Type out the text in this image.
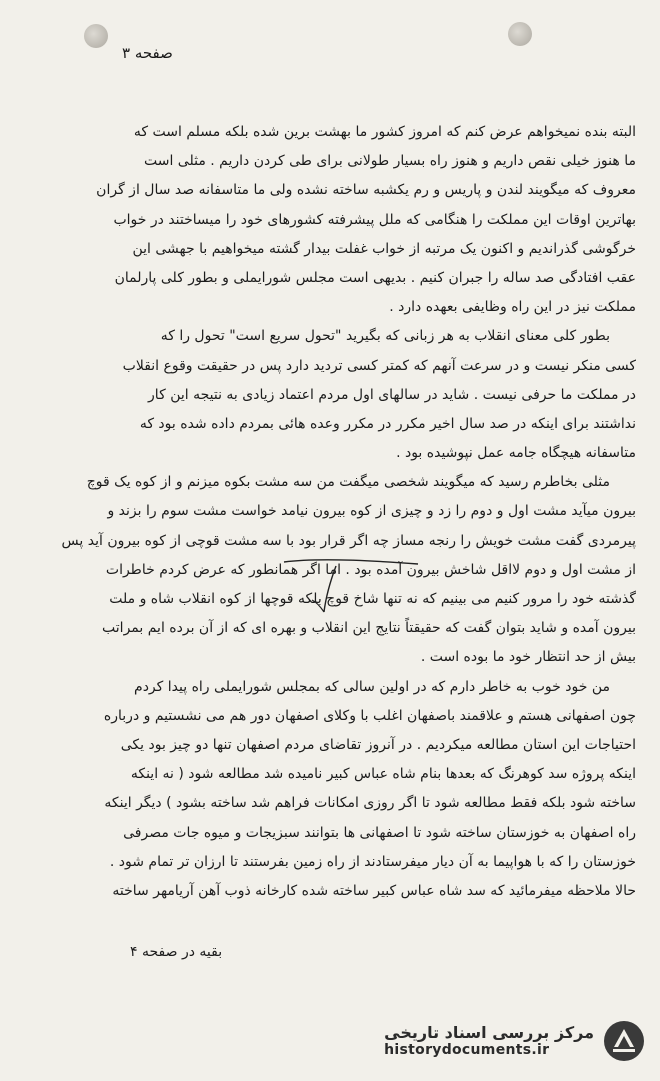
صفحه ۳
البته بنده نمیخواهم عرض کنم که امروز کشور ما بهشت برین شده بلکه مسلم است که
ما هنوز خیلی نقص داریم و هنوز راه بسیار طولانی برای طی کردن داریم . مثلی است
معروف که میگویند لندن و پاریس و رم یکشبه ساخته نشده ولی ما متاسفانه صد سال از گران
بهاترین اوقات این مملکت را هنگامی که ملل پیشرفته کشورهای خود را میساختند در خواب
خرگوشی گذراندیم و اکنون یک مرتبه از خواب غفلت بیدار گشته میخواهیم با جهشی این
عقب افتادگی صد ساله را جبران کنیم . بدیهی است مجلس شورایملی و بطور کلی پارلمان
مملکت نیز در این راه وظایفی بعهده دارد .
بطور کلی معنای انقلاب به هر زبانی که بگیرید "تحول سریع است" تحول را که
کسی منکر نیست و در سرعت آنهم که کمتر کسی تردید دارد پس در حقیقت وقوع انقلاب
در مملکت ما حرفی نیست . شاید در سالهای اول مردم اعتماد زیادی به نتیجه این کار
نداشتند برای اینکه در صد سال اخیر مکرر در مکرر وعده هائی بمردم داده شده بود که
متاسفانه هیچگاه جامه عمل نپوشیده بود .
مثلی بخاطرم رسید که میگویند شخصی میگفت من سه مشت بکوه میزنم و از کوه یک قوچ
بیرون میآید مشت اول و دوم را زد و چیزی از کوه بیرون نیامد خواست مشت سوم را بزند و
پیرمردی گفت مشت خویش را رنجه مساز چه اگر قرار بود با سه مشت قوچی از کوه بیرون آید پس
از مشت اول و دوم لااقل شاخش بیرون آمده بود . اما اگر همانطور که عرض کردم خاطرات
گذشته خود را مرور کنیم می بینیم که نه تنها شاخ قوچ بلکه قوچها از کوه انقلاب شاه و ملت
بیرون آمده و شاید بتوان گفت که حقیقتاً نتایج این انقلاب و بهره ای که از آن برده ایم بمراتب
بیش از حد انتظار خود ما بوده است .
من خود خوب به خاطر دارم که در اولین سالی که بمجلس شورایملی راه پیدا کردم
چون اصفهانی هستم و علاقمند باصفهان اغلب با وکلای اصفهان دور هم می نشستیم و درباره
احتیاجات این استان مطالعه میکردیم . در آنروز تقاضای مردم اصفهان تنها دو چیز بود یکی
اینکه پروژه سد کوهرنگ که بعدها بنام شاه عباس کبیر نامیده شد مطالعه شود ( نه اینکه
ساخته شود بلکه فقط مطالعه شود تا اگر روزی امکانات فراهم شد ساخته بشود ) دیگر اینکه
راه اصفهان به خوزستان ساخته شود تا اصفهانی ها بتوانند سبزیجات و میوه جات مصرفی
خوزستان را که با هواپیما به آن دیار میفرستادند از راه زمین بفرستند تا ارزان تر تمام شود .
حالا ملاحظه میفرمائید که سد شاه عباس کبیر ساخته شده کارخانه ذوب آهن آریامهر ساخته
بقیه در صفحه ۴
مرکز بررسی اسناد تاریخی
historydocuments.ir
